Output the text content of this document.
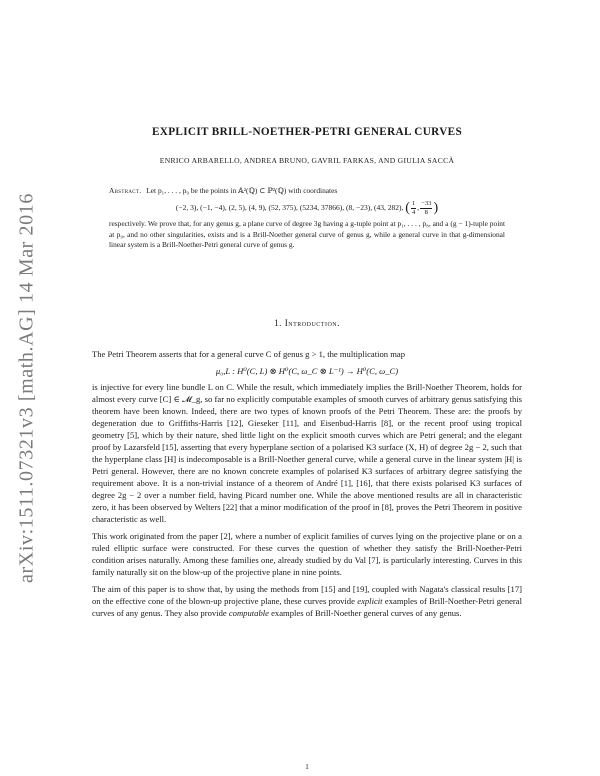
arXiv:1511.07321v3 [math.AG] 14 Mar 2016
EXPLICIT BRILL-NOETHER-PETRI GENERAL CURVES
ENRICO ARBARELLO, ANDREA BRUNO, GAVRIL FARKAS, AND GIULIA SACCÀ
Abstract. Let p₁, . . . , p₉ be the points in 𝔸²(ℚ) ⊂ ℙ²(ℚ) with coordinates
(−2, 3), (−1, −4), (2, 5), (4, 9), (52, 375), (5234, 37866), (8, −23), (43, 282), ( $\frac{1}{4}$ , $\frac{-33}{8}$ )
respectively. We prove that, for any genus g, a plane curve of degree 3g having a g-tuple point at p₁, . . . , p₈, and a (g − 1)-tuple point at p₉, and no other singularities, exists and is a Brill-Noether general curve of genus g, while a general curve in that g-dimensional linear system is a Brill-Noether-Petri general curve of genus g.
1. Introduction.

The Petri Theorem asserts that for a general curve C of genus g > 1, the multiplication map

μ₀,L : H⁰(C, L) ⊗ H⁰(C, ω_C ⊗ L⁻¹) → H⁰(C, ω_C)

is injective for every line bundle L on C. While the result, which immediately implies the Brill-Noether Theorem, holds for almost every curve [C] ∈ 𝓜_g, so far no explicitly computable examples of smooth curves of arbitrary genus satisfying this theorem have been known. Indeed, there are two types of known proofs of the Petri Theorem. These are: the proofs by degeneration due to Griffiths-Harris [12], Gieseker [11], and Eisenbud-Harris [8], or the recent proof using tropical geometry [5], which by their nature, shed little light on the explicit smooth curves which are Petri general; and the elegant proof by Lazarsfeld [15], asserting that every hyperplane section of a polarised K3 surface (X, H) of degree 2g − 2, such that the hyperplane class [H] is indecomposable is a Brill-Noether general curve, while a general curve in the linear system |H| is Petri general. However, there are no known concrete examples of polarised K3 surfaces of arbitrary degree satisfying the requirement above. It is a non-trivial instance of a theorem of André [1], [16], that there exists polarised K3 surfaces of degree 2g − 2 over a number field, having Picard number one. While the above mentioned results are all in characteristic zero, it has been observed by Welters [22] that a minor modification of the proof in [8], proves the Petri Theorem in positive characteristic as well.

This work originated from the paper [2], where a number of explicit families of curves lying on the projective plane or on a ruled elliptic surface were constructed. For these curves the question of whether they satisfy the Brill-Noether-Petri condition arises naturally. Among these families one, already studied by du Val [7], is particularly interesting. Curves in this family naturally sit on the blow-up of the projective plane in nine points.

The aim of this paper is to show that, by using the methods from [15] and [19], coupled with Nagata's classical results [17] on the effective cone of the blown-up projective plane, these curves provide explicit examples of Brill-Noether-Petri general curves of any genus. They also provide computable examples of Brill-Noether general curves of any genus.

1
